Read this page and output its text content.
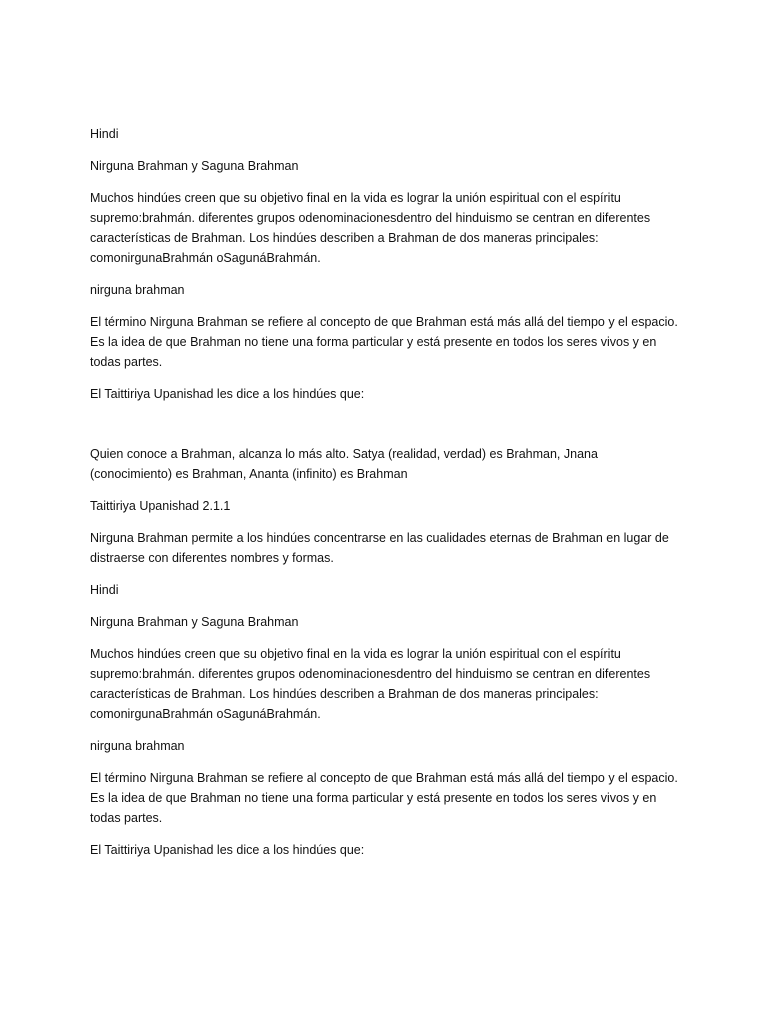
Hindi

Nirguna Brahman y Saguna Brahman

Muchos hindúes creen que su objetivo final en la vida es lograr la unión espiritual con el espíritu supremo:brahmán. diferentes grupos odenominacionesdentro del hinduismo se centran en diferentes características de Brahman. Los hindúes describen a Brahman de dos maneras principales: comonirgunaBrahmán oSagunáBrahmán.

nirguna brahman

El término Nirguna Brahman se refiere al concepto de que Brahman está más allá del tiempo y el espacio. Es la idea de que Brahman no tiene una forma particular y está presente en todos los seres vivos y en todas partes.

El Taittiriya Upanishad les dice a los hindúes que:

Quien conoce a Brahman, alcanza lo más alto. Satya (realidad, verdad) es Brahman, Jnana (conocimiento) es Brahman, Ananta (infinito) es Brahman

Taittiriya Upanishad 2.1.1

Nirguna Brahman permite a los hindúes concentrarse en las cualidades eternas de Brahman en lugar de distraerse con diferentes nombres y formas.

Hindi

Nirguna Brahman y Saguna Brahman

Muchos hindúes creen que su objetivo final en la vida es lograr la unión espiritual con el espíritu supremo:brahmán. diferentes grupos odenominacionesdentro del hinduismo se centran en diferentes características de Brahman. Los hindúes describen a Brahman de dos maneras principales: comonirgunaBrahmán oSagunáBrahmán.

nirguna brahman

El término Nirguna Brahman se refiere al concepto de que Brahman está más allá del tiempo y el espacio. Es la idea de que Brahman no tiene una forma particular y está presente en todos los seres vivos y en todas partes.

El Taittiriya Upanishad les dice a los hindúes que:
